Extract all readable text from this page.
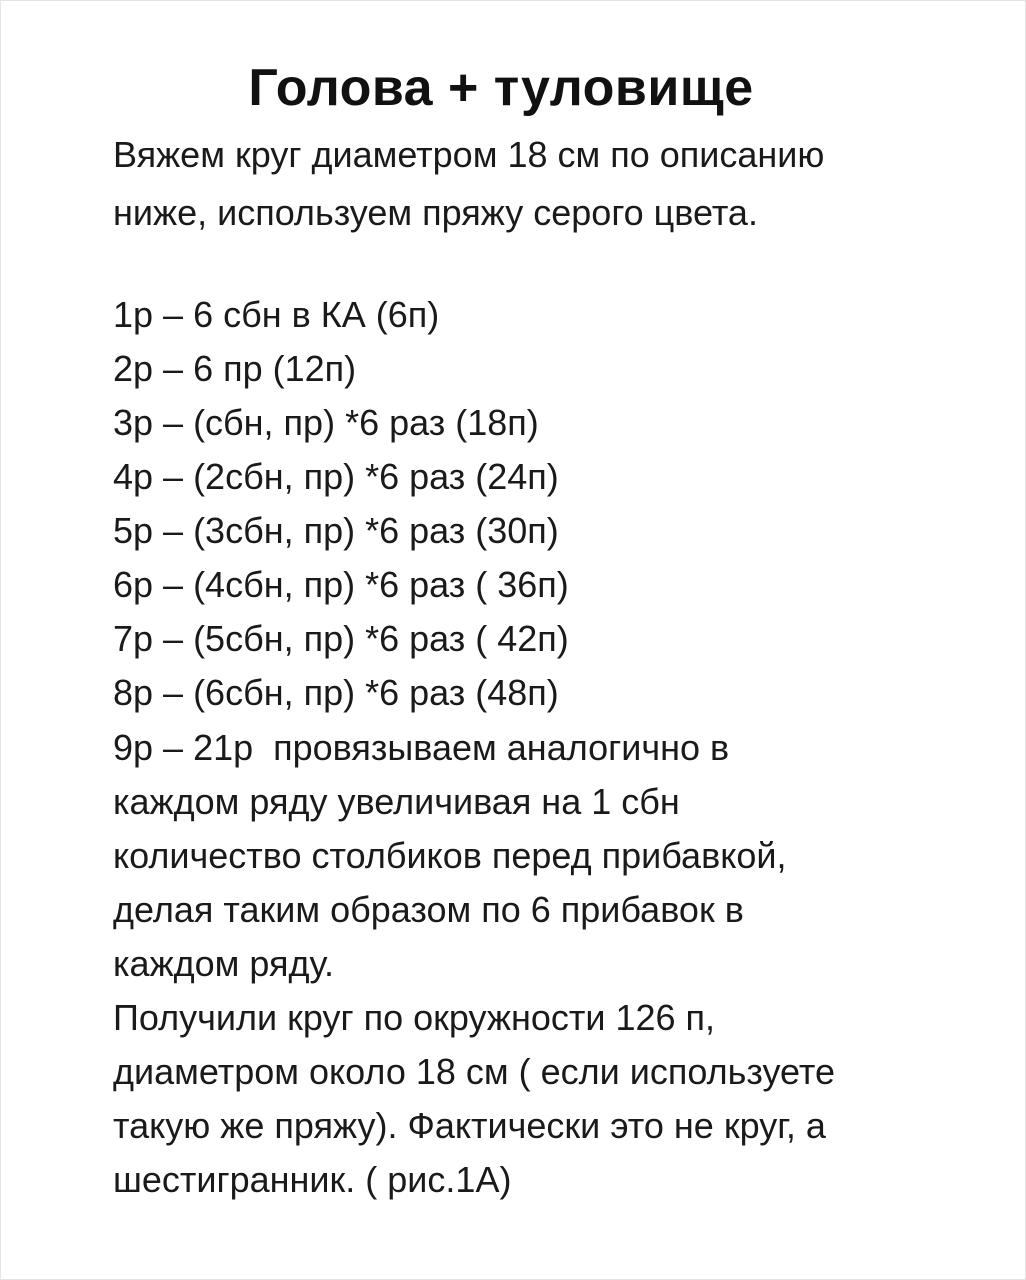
Голова + туловище
Вяжем круг диаметром 18 см по описанию
ниже, используем пряжу серого цвета.
1р – 6 сбн в КА (6п)
2р – 6 пр (12п)
3р – (сбн, пр) *6 раз (18п)
4р – (2сбн, пр) *6 раз (24п)
5р – (3сбн, пр) *6 раз (30п)
6р – (4сбн, пр) *6 раз ( 36п)
7р – (5сбн, пр) *6 раз ( 42п)
8р – (6сбн, пр) *6 раз (48п)
9р – 21р  провязываем аналогично в
каждом ряду увеличивая на 1 сбн
количество столбиков перед прибавкой,
делая таким образом по 6 прибавок в
каждом ряду.
Получили круг по окружности 126 п,
диаметром около 18 см ( если используете
такую же пряжу). Фактически это не круг, а
шестигранник. ( рис.1А)
